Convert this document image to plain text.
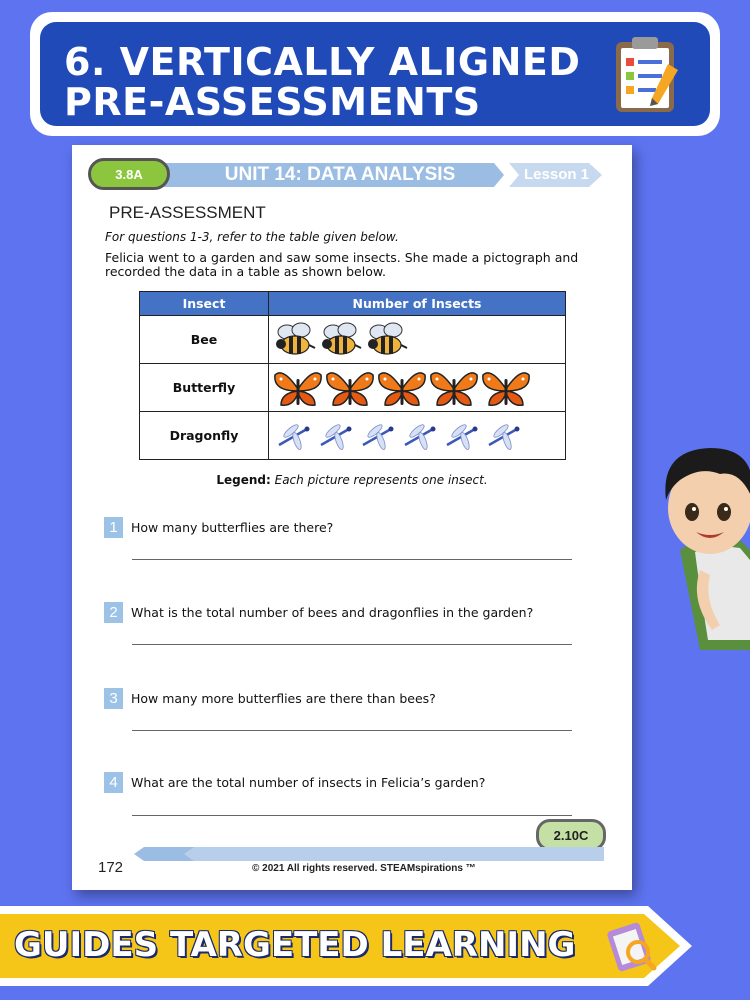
6. VERTICALLY ALIGNED
PRE-ASSESSMENTS
3.8A	UNIT 14: DATA ANALYSIS	Lesson 1
PRE-ASSESSMENT
For questions 1-3, refer to the table given below.
Felicia went to a garden and saw some insects. She made a pictograph and recorded the data in a table as shown below.
Insect	Number of Insects
Bee	
Butterfly	
Dragonfly	
Legend: Each picture represents one insect.
1	How many butterflies are there?
2	What is the total number of bees and dragonflies in the garden?
3	How many more butterflies are there than bees?
4	What are the total number of insects in Felicia’s garden?
2.10C
172	© 2021 All rights reserved. STEAMspirations ™
GUIDES TARGETED LEARNING
